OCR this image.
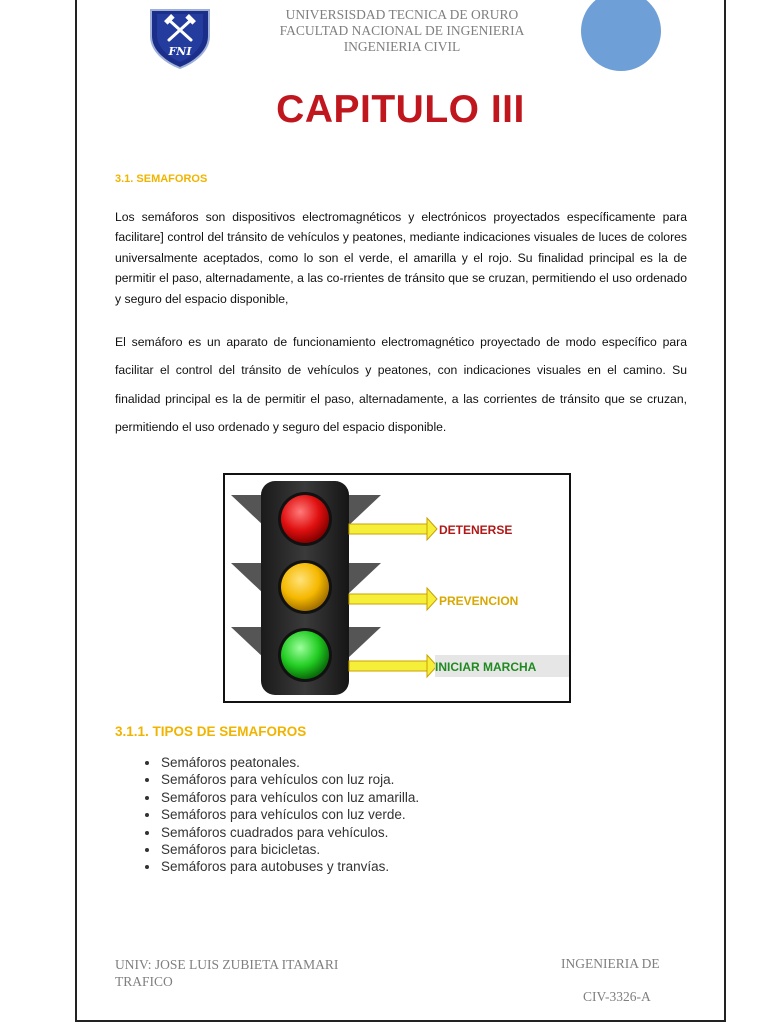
FNI
UNIVERSISDAD TECNICA DE ORURO
FACULTAD NACIONAL DE INGENIERIA
INGENIERIA CIVIL
CAPITULO III
3.1. SEMAFOROS

Los semáforos son dispositivos electromagnéticos y electrónicos proyectados específicamente para facilitare] control del tránsito de vehículos y peatones, mediante indicaciones visuales de luces de colores universalmente aceptados, como lo son el verde, el amarilla y el rojo. Su finalidad principal es la de permitir el paso, alternadamente, a las co-rrientes de tránsito que se cruzan, permitiendo el uso ordenado y seguro del espacio disponible,

El semáforo es un aparato de funcionamiento electromagnético proyectado de modo específico para facilitar el control del tránsito de vehículos y peatones, con indicaciones visuales en el camino. Su finalidad principal es la de permitir el paso, alternadamente, a las corrientes de tránsito que se cruzan, permitiendo el uso ordenado y seguro del espacio disponible.

DETENERSE
PREVENCION
INICIAR MARCHA
3.1.1. TIPOS DE SEMAFOROS
• Semáforos peatonales.
• Semáforos para vehículos con luz roja.
• Semáforos para vehículos con luz amarilla.
• Semáforos para vehículos con luz verde.
• Semáforos cuadrados para vehículos.
• Semáforos para bicicletas.
• Semáforos para autobuses y tranvías.
UNIV: JOSE LUIS ZUBIETA ITAMARI TRAFICO
INGENIERIA DE
CIV-3326-A
